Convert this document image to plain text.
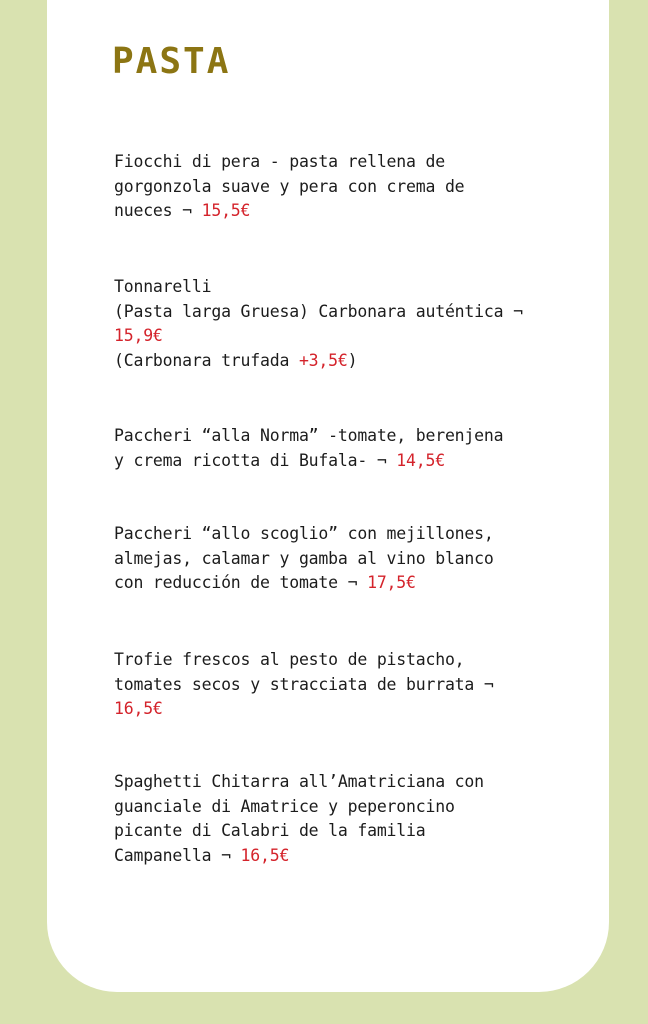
PASTA
Fiocchi di pera - pasta rellena de
gorgonzola suave y pera con crema de
nueces ¬ 15,5€
Tonnarelli
(Pasta larga Gruesa) Carbonara auténtica ¬
15,9€
(Carbonara trufada +3,5€)
Paccheri “alla Norma” -tomate, berenjena
y crema ricotta di Bufala- ¬ 14,5€
Paccheri “allo scoglio” con mejillones,
almejas, calamar y gamba al vino blanco
con reducción de tomate ¬ 17,5€
Trofie frescos al pesto de pistacho,
tomates secos y stracciata de burrata ¬
16,5€
Spaghetti Chitarra all’Amatriciana con
guanciale di Amatrice y peperoncino
picante di Calabri de la familia
Campanella ¬ 16,5€
